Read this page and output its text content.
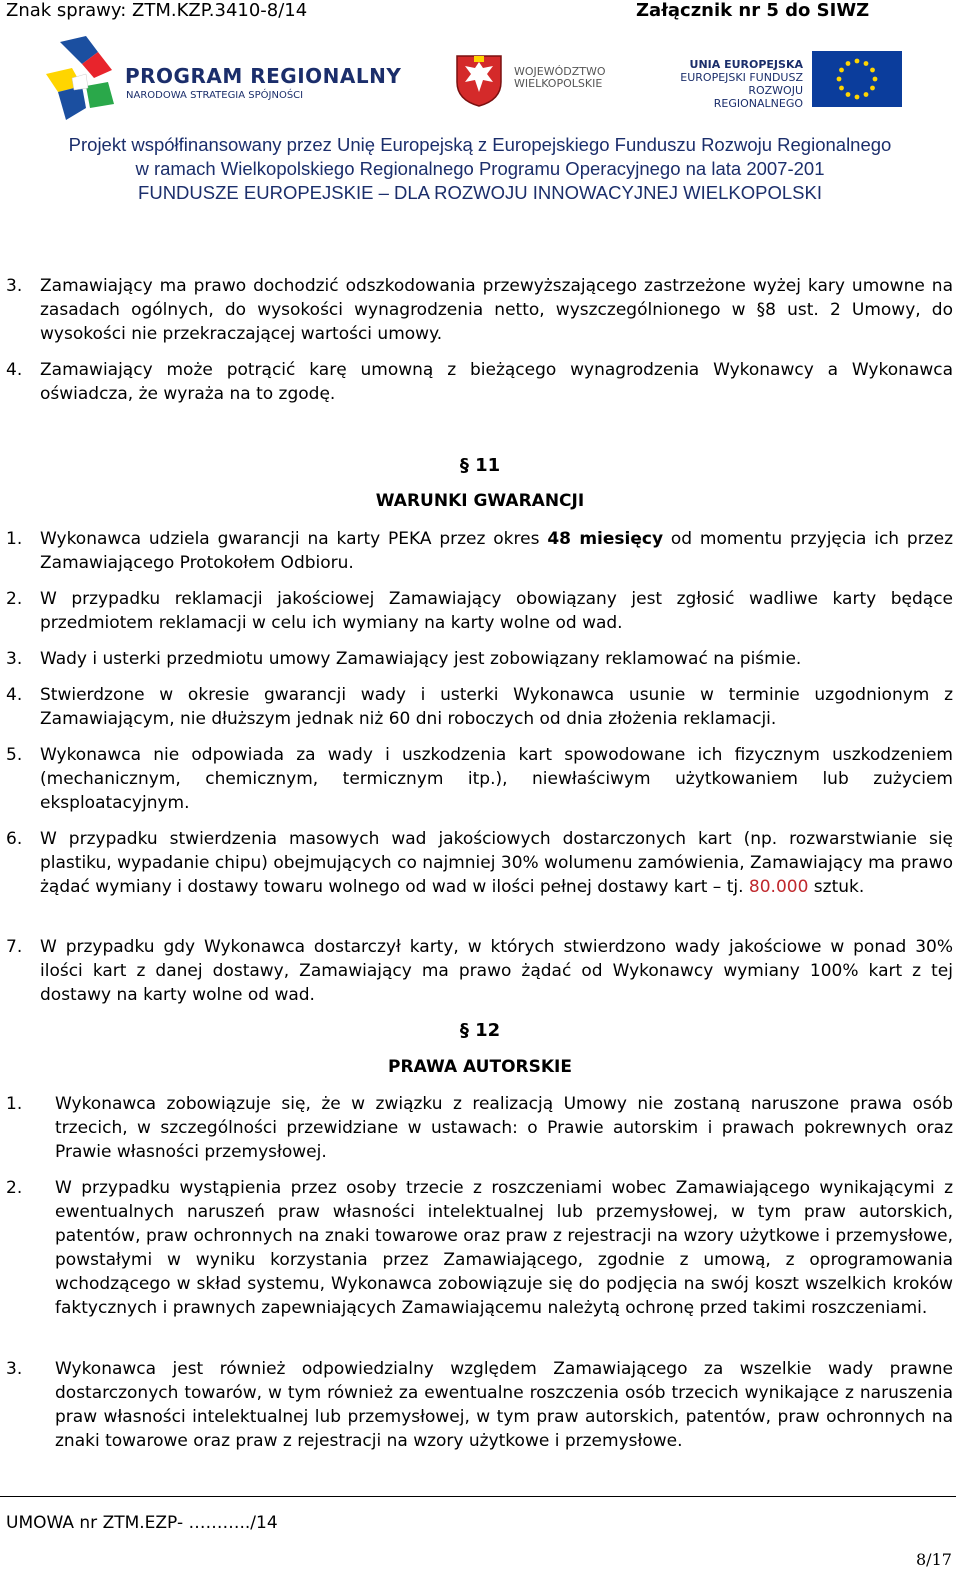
Znak sprawy: ZTM.KZP.3410-8/14	Załącznik nr 5 do SIWZ
PROGRAM REGIONALNY
NARODOWA STRATEGIA SPÓJNOŚCI
WOJEWÓDZTWO
WIELKOPOLSKIE
UNIA EUROPEJSKA
EUROPEJSKI FUNDUSZ
ROZWOJU REGIONALNEGO
Projekt współfinansowany przez Unię Europejską z Europejskiego Funduszu Rozwoju Regionalnego
w ramach Wielkopolskiego Regionalnego Programu Operacyjnego na lata 2007-201
FUNDUSZE EUROPEJSKIE – DLA ROZWOJU INNOWACYJNEJ WIELKOPOLSKI
3. Zamawiający ma prawo dochodzić odszkodowania przewyższającego zastrzeżone wyżej kary umowne na zasadach ogólnych, do wysokości wynagrodzenia netto, wyszczególnionego w §8 ust. 2 Umowy, do wysokości nie przekraczającej wartości umowy.
4. Zamawiający może potrącić karę umowną z bieżącego wynagrodzenia Wykonawcy a Wykonawca oświadcza, że wyraża na to zgodę.
§ 11
WARUNKI GWARANCJI
1. Wykonawca udziela gwarancji na karty PEKA przez okres 48 miesięcy od momentu przyjęcia ich przez Zamawiającego Protokołem Odbioru.
2. W przypadku reklamacji jakościowej Zamawiający obowiązany jest zgłosić wadliwe karty będące przedmiotem reklamacji w celu ich wymiany na karty wolne od wad.
3. Wady i usterki przedmiotu umowy Zamawiający jest zobowiązany reklamować na piśmie.
4. Stwierdzone w okresie gwarancji wady i usterki Wykonawca usunie w terminie uzgodnionym z Zamawiającym, nie dłuższym jednak niż 60 dni roboczych od dnia złożenia reklamacji.
5. Wykonawca nie odpowiada za wady i uszkodzenia kart spowodowane ich fizycznym uszkodzeniem (mechanicznym, chemicznym, termicznym itp.), niewłaściwym użytkowaniem lub zużyciem eksploatacyjnym.
6. W przypadku stwierdzenia masowych wad jakościowych dostarczonych kart (np. rozwarstwianie się plastiku, wypadanie chipu) obejmujących co najmniej 30% wolumenu zamówienia, Zamawiający ma prawo żądać wymiany i dostawy towaru wolnego od wad w ilości pełnej dostawy kart – tj. 80.000 sztuk.
7. W przypadku gdy Wykonawca dostarczył karty, w których stwierdzono wady jakościowe w ponad 30% ilości kart z danej dostawy, Zamawiający ma prawo żądać od Wykonawcy wymiany 100% kart z tej dostawy na karty wolne od wad.
§ 12
PRAWA AUTORSKIE
1. Wykonawca zobowiązuje się, że w związku z realizacją Umowy nie zostaną naruszone prawa osób trzecich, w szczególności przewidziane w ustawach: o Prawie autorskim i prawach pokrewnych oraz Prawie własności przemysłowej.
2. W przypadku wystąpienia przez osoby trzecie z roszczeniami wobec Zamawiającego wynikającymi z ewentualnych naruszeń praw własności intelektualnej lub przemysłowej, w tym praw autorskich, patentów, praw ochronnych na znaki towarowe oraz praw z rejestracji na wzory użytkowe i przemysłowe, powstałymi w wyniku korzystania przez Zamawiającego, zgodnie z umową, z oprogramowania wchodzącego w skład systemu, Wykonawca zobowiązuje się do podjęcia na swój koszt wszelkich kroków faktycznych i prawnych zapewniających Zamawiającemu należytą ochronę przed takimi roszczeniami.
3. Wykonawca jest również odpowiedzialny względem Zamawiającego za wszelkie wady prawne dostarczonych towarów, w tym również za ewentualne roszczenia osób trzecich wynikające z naruszenia praw własności intelektualnej lub przemysłowej, w tym praw autorskich, patentów, praw ochronnych na znaki towarowe oraz praw z rejestracji na wzory użytkowe i przemysłowe.
UMOWA nr ZTM.EZP- ………../14
8/17
